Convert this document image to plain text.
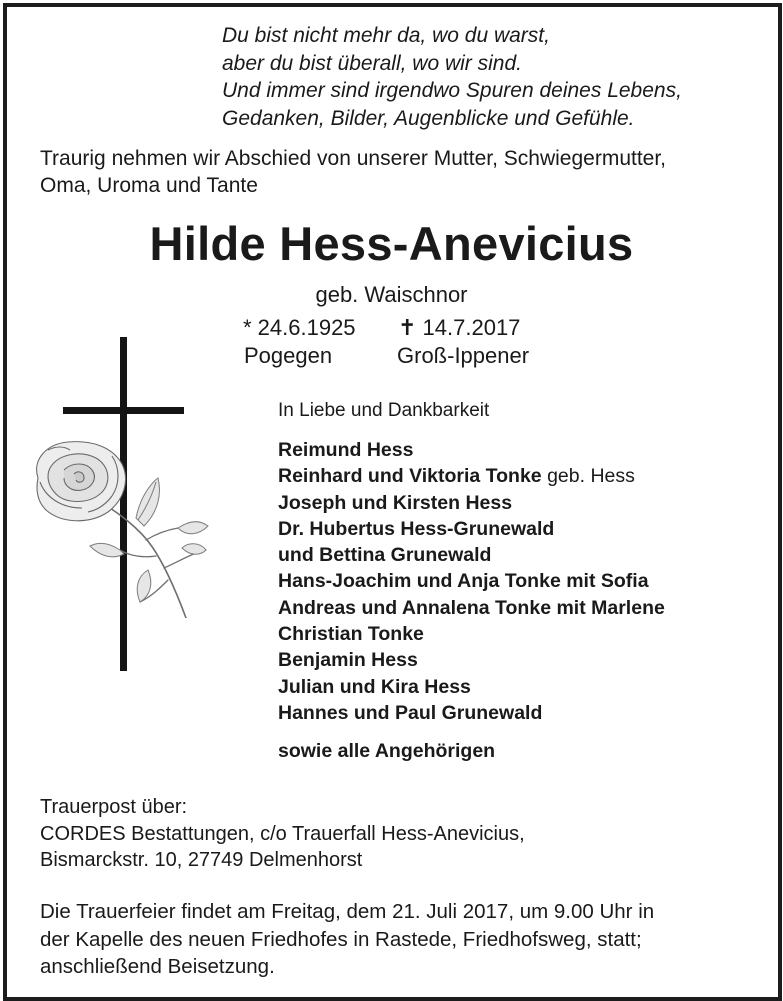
Du bist nicht mehr da, wo du warst,
aber du bist überall, wo wir sind.
Und immer sind irgendwo Spuren deines Lebens,
Gedanken, Bilder, Augenblicke und Gefühle.
Traurig nehmen wir Abschied von unserer Mutter, Schwiegermutter,
Oma, Uroma und Tante
Hilde Hess-Anevicius
geb. Waischnor
* 24.6.1925 ✝ 14.7.2017
Pogegen	Groß-Ippener
In Liebe und Dankbarkeit
Reimund Hess
Reinhard und Viktoria Tonke geb. Hess
Joseph und Kirsten Hess
Dr. Hubertus Hess-Grunewald
und Bettina Grunewald
Hans-Joachim und Anja Tonke mit Sofia
Andreas und Annalena Tonke mit Marlene
Christian Tonke
Benjamin Hess
Julian und Kira Hess
Hannes und Paul Grunewald
sowie alle Angehörigen
Trauerpost über:
CORDES Bestattungen, c/o Trauerfall Hess-Anevicius,
Bismarckstr. 10, 27749 Delmenhorst
Die Trauerfeier findet am Freitag, dem 21. Juli 2017, um 9.00 Uhr in
der Kapelle des neuen Friedhofes in Rastede, Friedhofsweg, statt;
anschließend Beisetzung.
